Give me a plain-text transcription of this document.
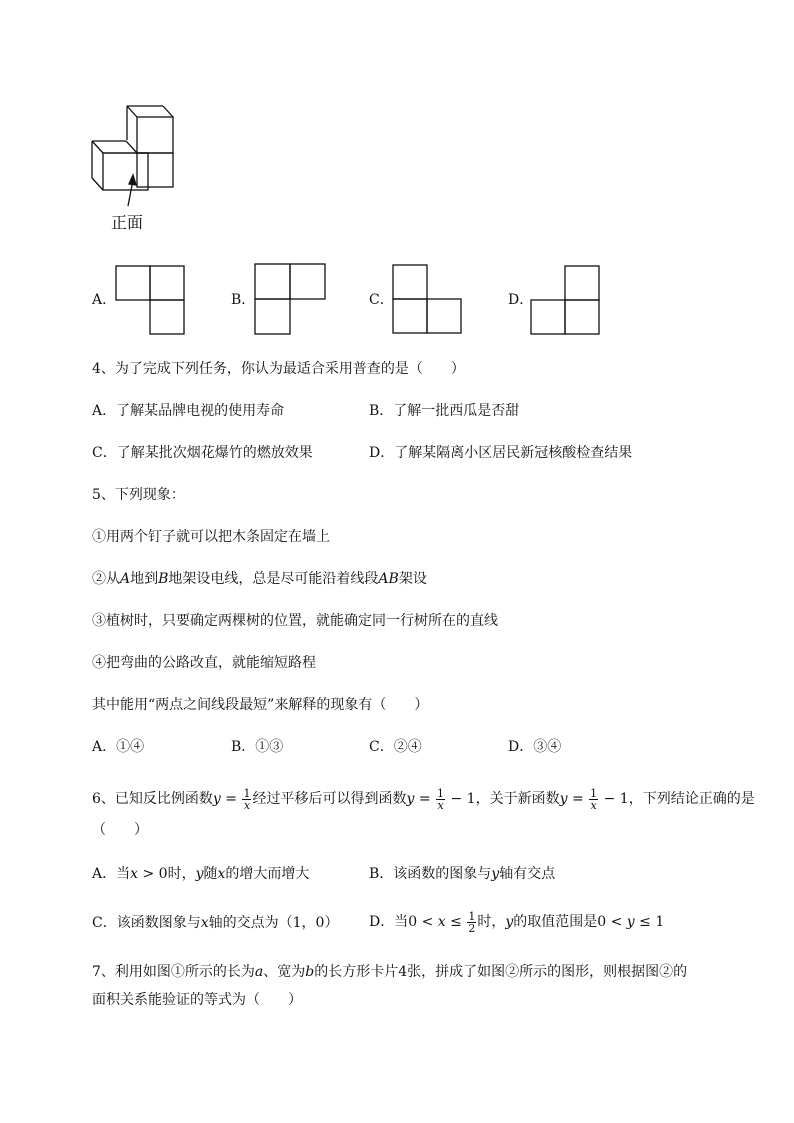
正面
A．	B．	C．	D．
4、为了完成下列任务，你认为最适合采用普查的是（　　）
A．了解某品牌电视的使用寿命	B．了解一批西瓜是否甜
C．了解某批次烟花爆竹的燃放效果	D．了解某隔离小区居民新冠核酸检查结果
5、下列现象：
①用两个钉子就可以把木条固定在墙上
②从A地到B地架设电线，总是尽可能沿着线段AB架设
③植树时，只要确定两棵树的位置，就能确定同一行树所在的直线
④把弯曲的公路改直，就能缩短路程
其中能用“两点之间线段最短”来解释的现象有（　　）
A．①④	B．①③	C．②④	D．③④
6、已知反比例函数$y = \frac{1}{x}$ 经过平移后可以得到函数$y = \frac{1}{x} - 1$，关于新函数$y = \frac{1}{x} - 1$，下列结论正确的是
（　　）
A．当x > 0时，y随x的增大而增大	B．该函数的图象与y轴有交点
C．该函数图象与x轴的交点为（1，0） D．当$0 < x \le \frac{1}{2}$ 时，y的取值范围是0 < y ≤ 1
7、利用如图①所示的长为a、宽为b的长方形卡片4张，拼成了如图②所示的图形，则根据图②的
面积关系能验证的等式为（　　）
